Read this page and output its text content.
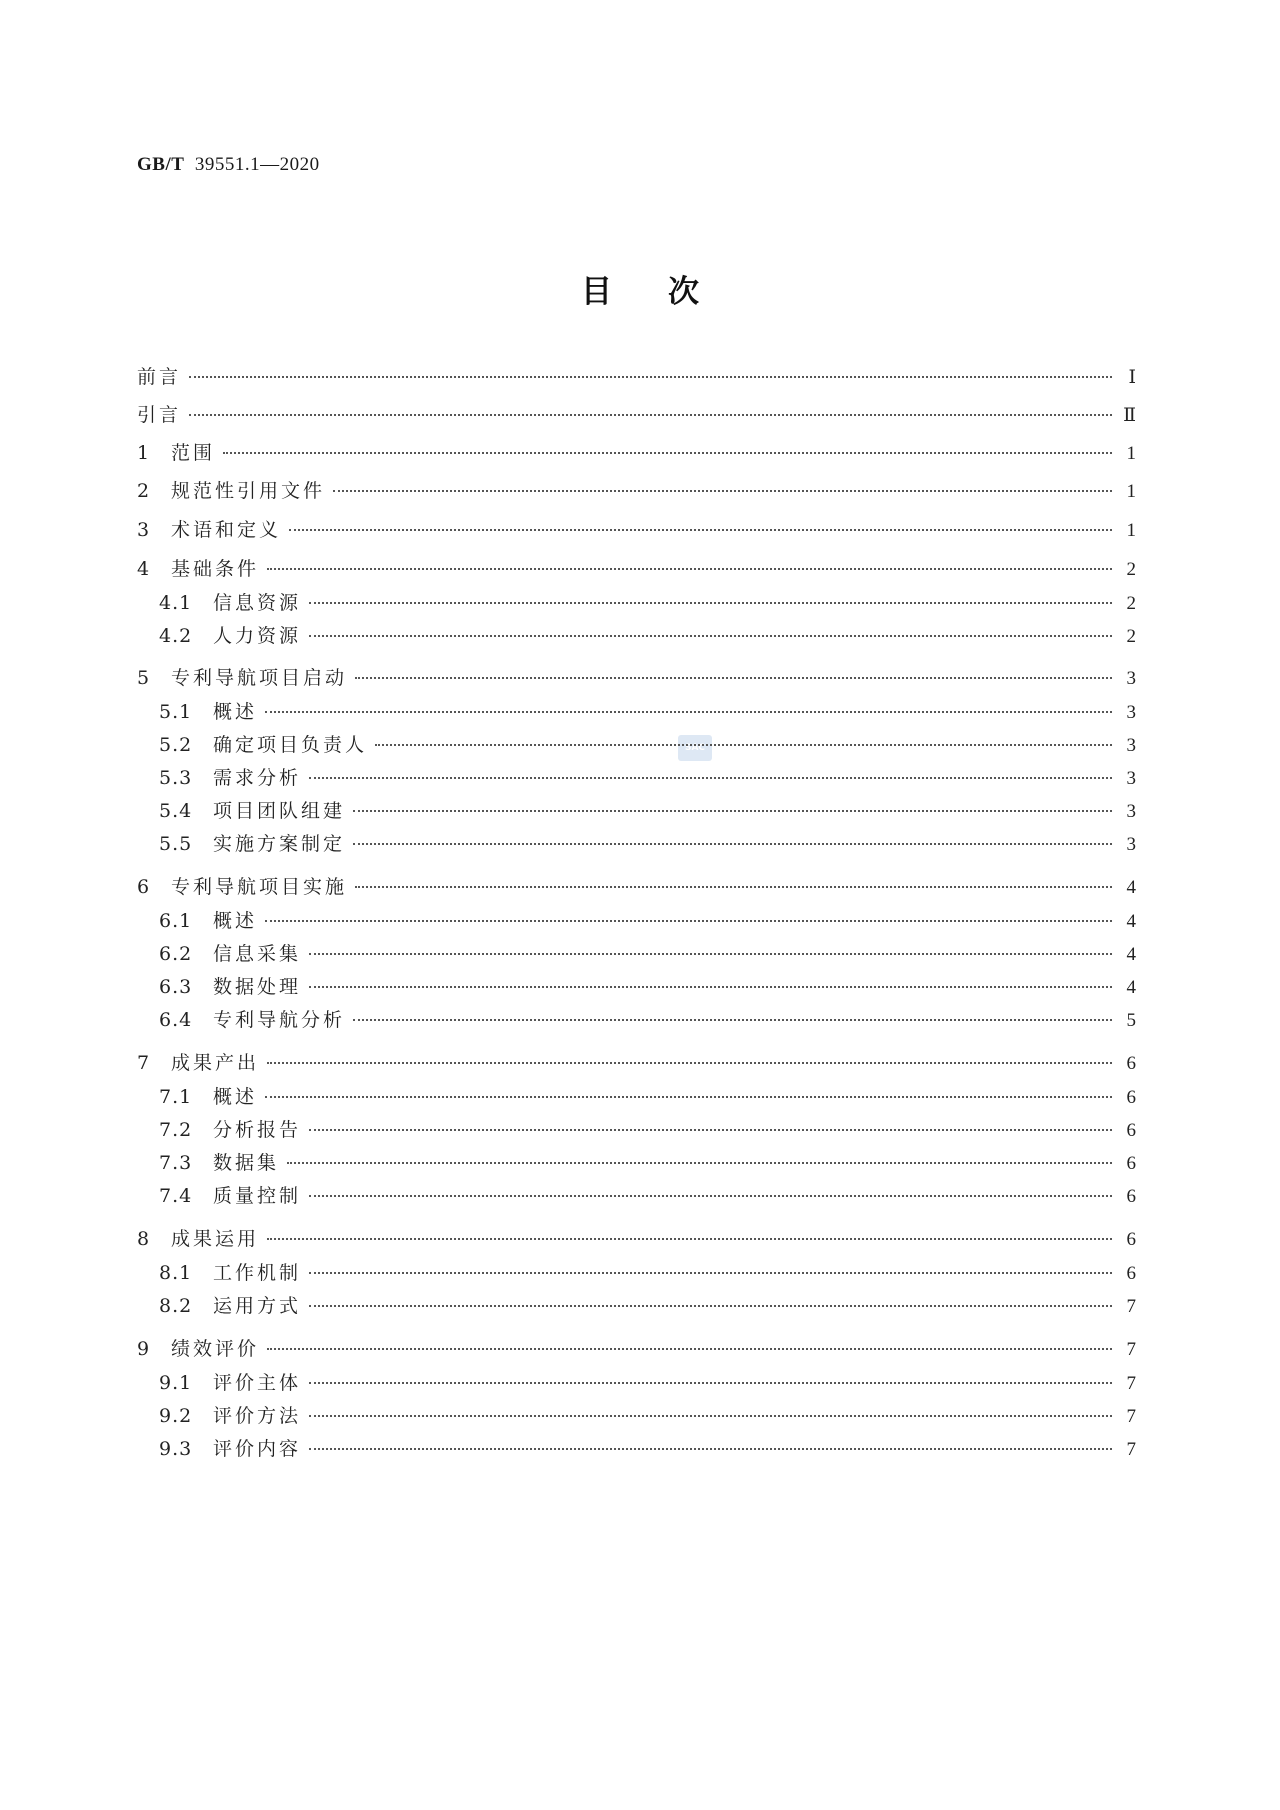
GB/T 39551.1—2020
目次
SAC
前言	Ⅰ
引言	Ⅱ
1	范围	1
2	规范性引用文件	1
3	术语和定义	1
4	基础条件	2
4.1	信息资源	2
4.2	人力资源	2
5	专利导航项目启动	3
5.1	概述	3
5.2	确定项目负责人	3
5.3	需求分析	3
5.4	项目团队组建	3
5.5	实施方案制定	3
6	专利导航项目实施	4
6.1	概述	4
6.2	信息采集	4
6.3	数据处理	4
6.4	专利导航分析	5
7	成果产出	6
7.1	概述	6
7.2	分析报告	6
7.3	数据集	6
7.4	质量控制	6
8	成果运用	6
8.1	工作机制	6
8.2	运用方式	7
9	绩效评价	7
9.1	评价主体	7
9.2	评价方法	7
9.3	评价内容	7
